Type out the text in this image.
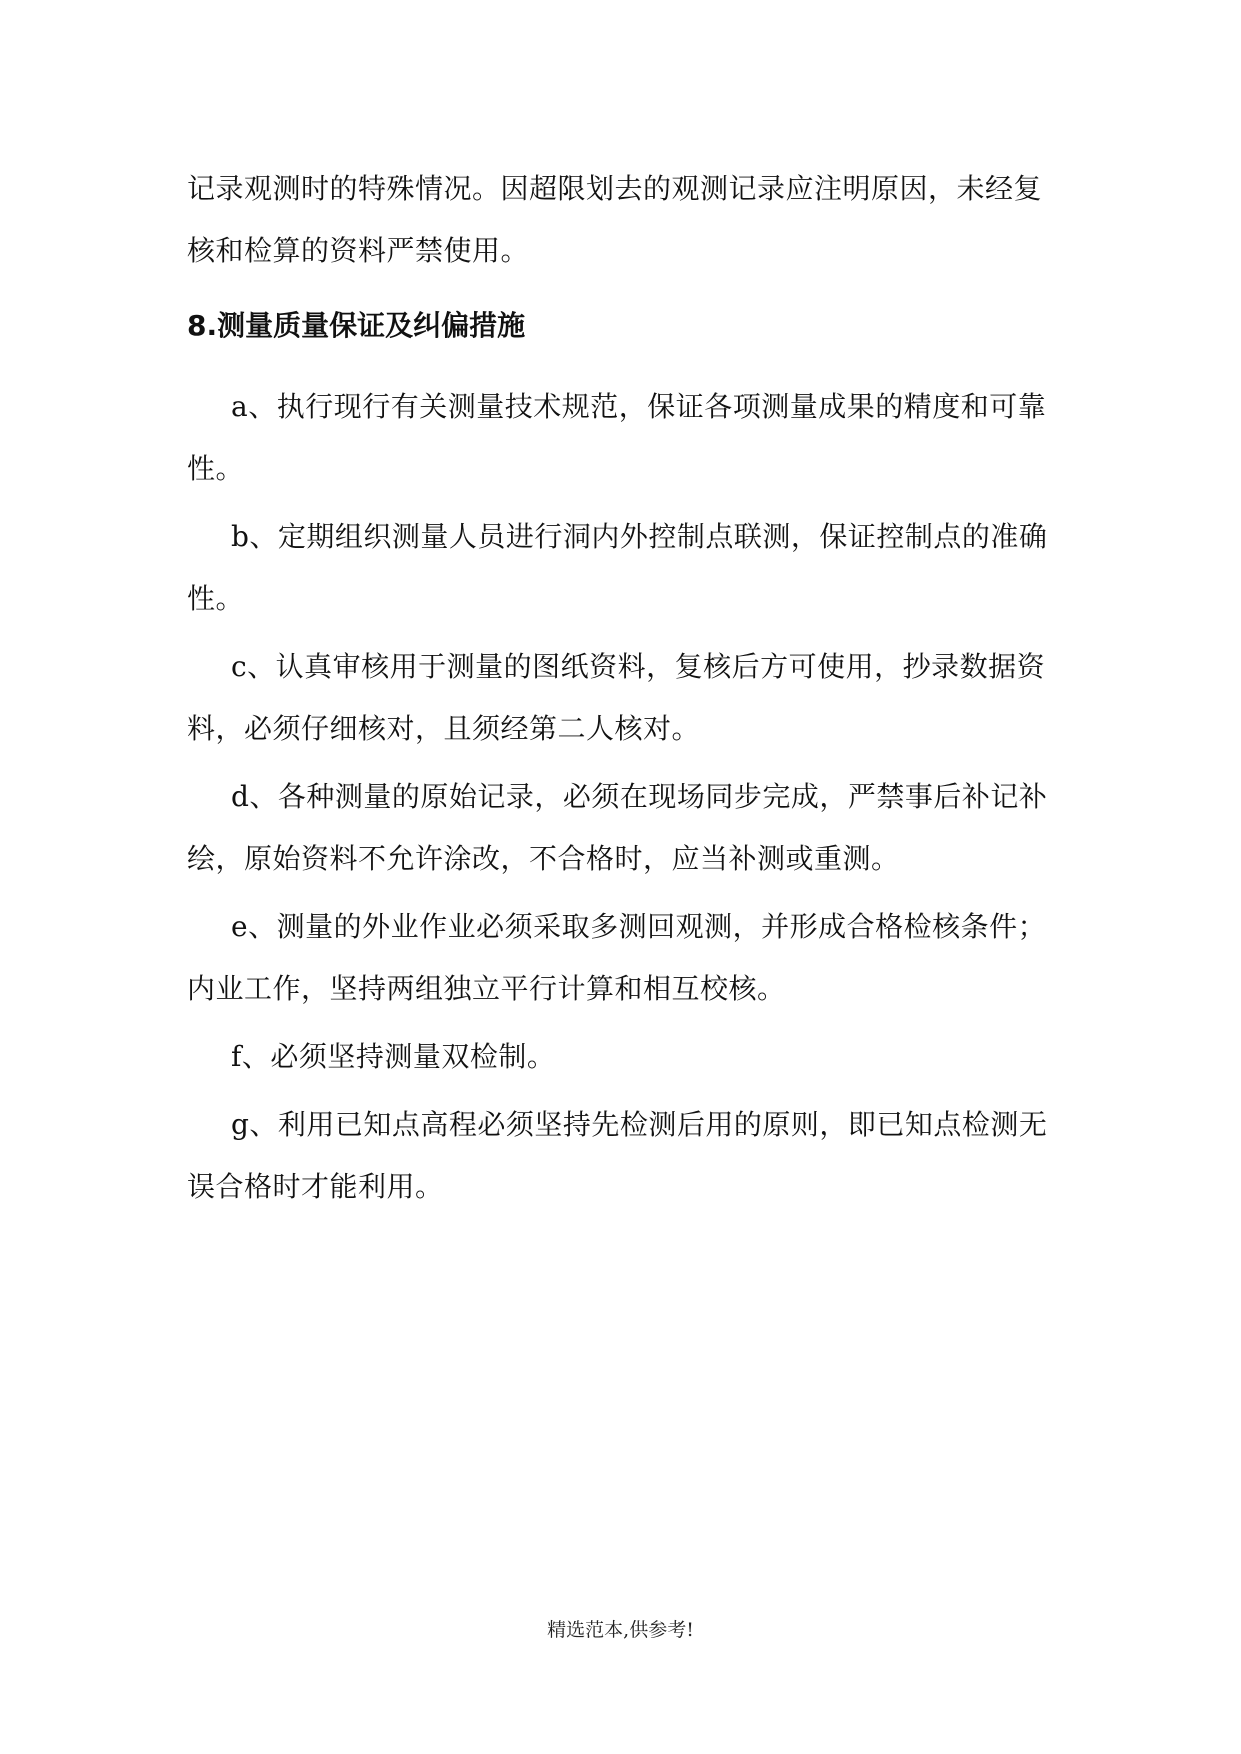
记录观测时的特殊情况。因超限划去的观测记录应注明原因，未经复核和检算的资料严禁使用。

8.测量质量保证及纠偏措施

a、执行现行有关测量技术规范，保证各项测量成果的精度和可靠性。

b、定期组织测量人员进行洞内外控制点联测，保证控制点的准确性。

c、认真审核用于测量的图纸资料，复核后方可使用，抄录数据资料，必须仔细核对，且须经第二人核对。

d、各种测量的原始记录，必须在现场同步完成，严禁事后补记补绘，原始资料不允许涂改，不合格时，应当补测或重测。

e、测量的外业作业必须采取多测回观测，并形成合格检核条件；内业工作，坚持两组独立平行计算和相互校核。

f、必须坚持测量双检制。

g、利用已知点高程必须坚持先检测后用的原则，即已知点检测无误合格时才能利用。

精选范本,供参考!
